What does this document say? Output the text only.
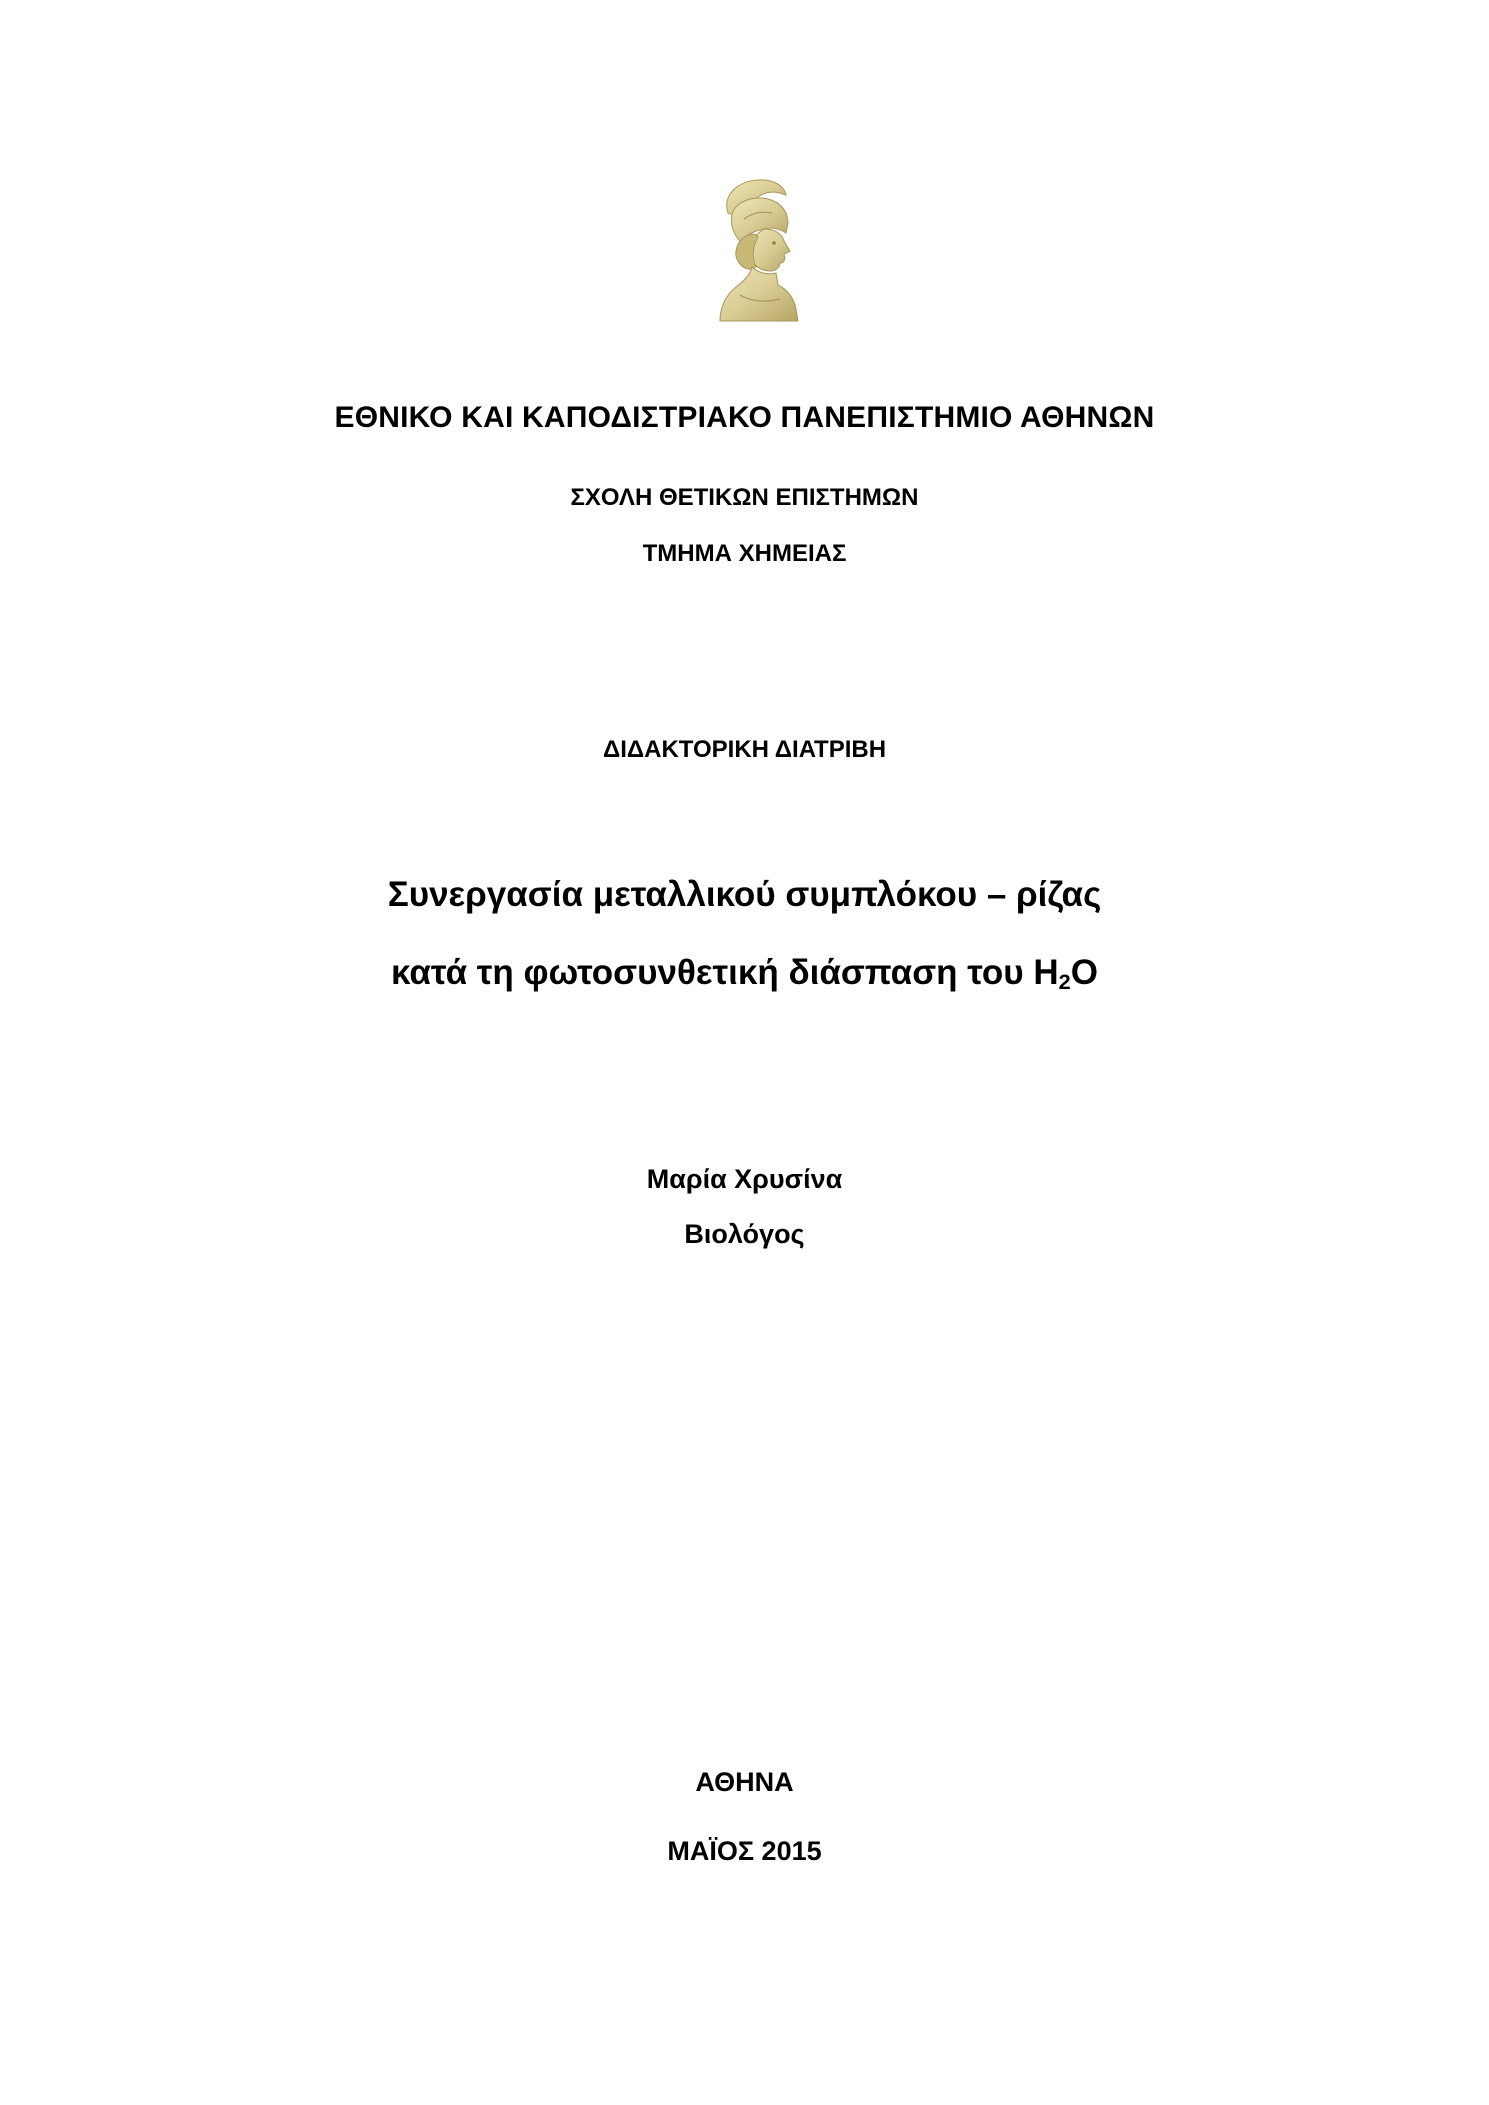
ΕΘΝΙΚΟ ΚΑΙ ΚΑΠΟΔΙΣΤΡΙΑΚΟ ΠΑΝΕΠΙΣΤΗΜΙΟ ΑΘΗΝΩΝ
ΣΧΟΛΗ ΘΕΤΙΚΩΝ ΕΠΙΣΤΗΜΩΝ
ΤΜΗΜΑ ΧΗΜΕΙΑΣ
ΔΙΔΑΚΤΟΡΙΚΗ ΔΙΑΤΡΙΒΗ
Συνεργασία μεταλλικού συμπλόκου – ρίζας
κατά τη φωτοσυνθετική διάσπαση του $H_2O$
Μαρία Χρυσίνα
Βιολόγος
ΑΘΗΝΑ
ΜΑΪΟΣ 2015
